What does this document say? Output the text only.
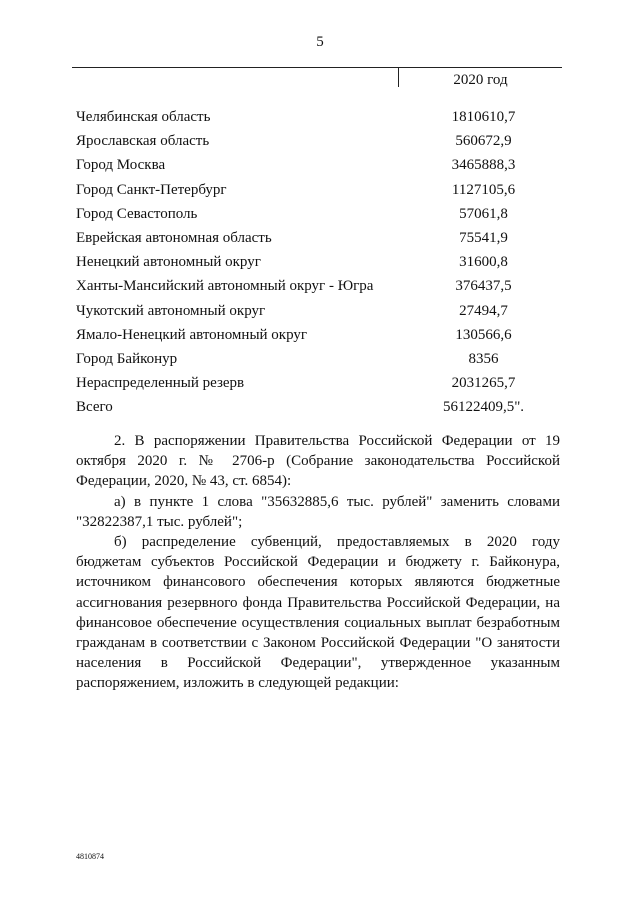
5
2020 год
Челябинская область	1810610,7
Ярославская область	560672,9
Город Москва	3465888,3
Город Санкт-Петербург	1127105,6
Город Севастополь	57061,8
Еврейская автономная область	75541,9
Ненецкий автономный округ	31600,8
Ханты-Мансийский автономный округ - Югра	376437,5
Чукотский автономный округ	27494,7
Ямало-Ненецкий автономный округ	130566,6
Город Байконур	8356
Нераспределенный резерв	2031265,7
Всего	56122409,5".

2. В распоряжении Правительства Российской Федерации от 19 октября 2020 г. № 2706-р (Собрание законодательства Российской Федерации, 2020, № 43, ст. 6854):

а) в пункте 1 слова "35632885,6 тыс. рублей" заменить словами "32822387,1 тыс. рублей";

б) распределение субвенций, предоставляемых в 2020 году бюджетам субъектов Российской Федерации и бюджету г. Байконура, источником финансового обеспечения которых являются бюджетные ассигнования резервного фонда Правительства Российской Федерации, на финансовое обеспечение осуществления социальных выплат безработным гражданам в соответствии с Законом Российской Федерации "О занятости населения в Российской Федерации", утвержденное указанным распоряжением, изложить в следующей редакции:

4810874
